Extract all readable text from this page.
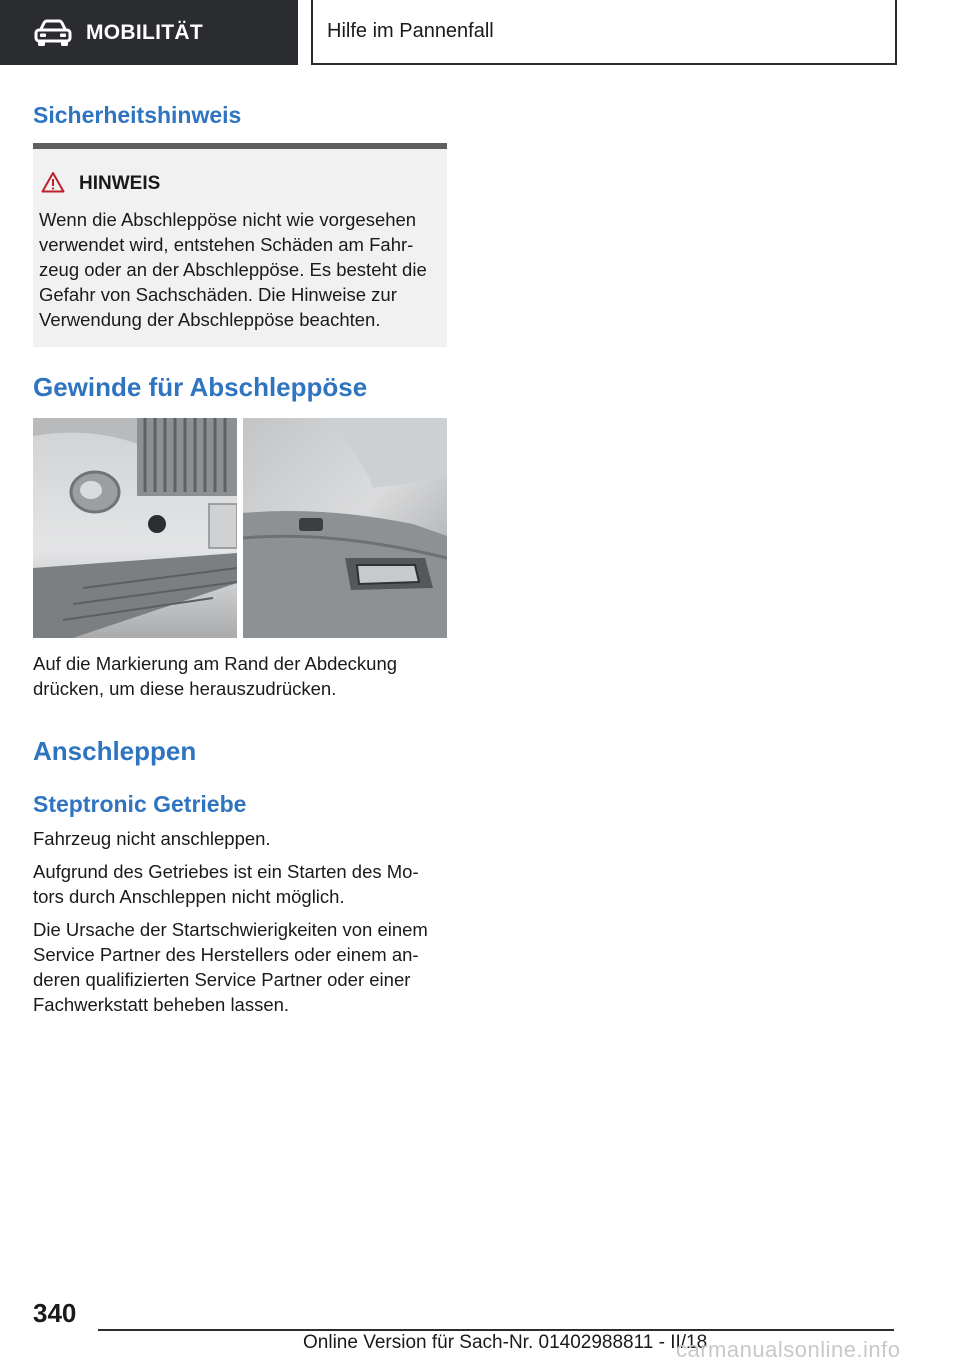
MOBILITÄT	Hilfe im Pannenfall
Sicherheitshinweis
HINWEIS
Wenn die Abschleppöse nicht wie vorgesehen
verwendet wird, entstehen Schäden am Fahr-
zeug oder an der Abschleppöse. Es besteht die
Gefahr von Sachschäden. Die Hinweise zur
Verwendung der Abschleppöse beachten.
Gewinde für Abschleppöse
Auf die Markierung am Rand der Abdeckung
drücken, um diese herauszudrücken.
Anschleppen
Steptronic Getriebe
Fahrzeug nicht anschleppen.
Aufgrund des Getriebes ist ein Starten des Mo-
tors durch Anschleppen nicht möglich.
Die Ursache der Startschwierigkeiten von einem
Service Partner des Herstellers oder einem an-
deren qualifizierten Service Partner oder einer
Fachwerkstatt beheben lassen.
340
Online Version für Sach-Nr. 01402988811 - II/18
carmanualsonline.info
